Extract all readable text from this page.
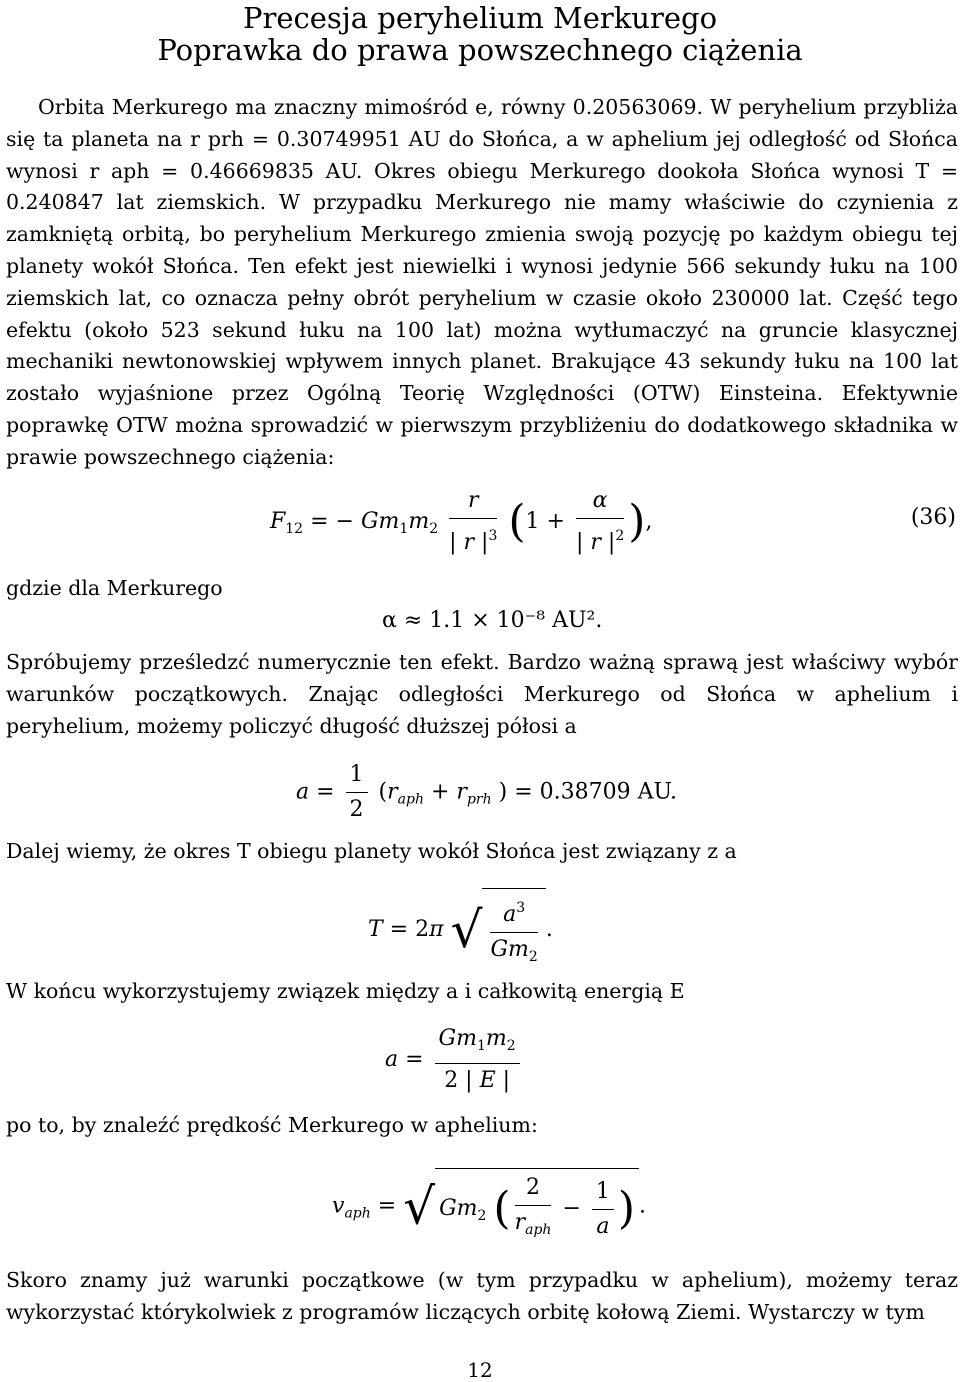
Precesja peryhelium Merkurego
Poprawka do prawa powszechnego ciążenia

Orbita Merkurego ma znaczny mimośród e, równy 0.20563069. W peryhelium przybliża się ta planeta na r prh = 0.30749951 AU do Słońca, a w aphelium jej odległość od Słońca wynosi r aph = 0.46669835 AU. Okres obiegu Merkurego dookoła Słońca wynosi T = 0.240847 lat ziemskich. W przypadku Merkurego nie mamy właściwie do czynienia z zamkniętą orbitą, bo peryhelium Merkurego zmienia swoją pozycję po każdym obiegu tej planety wokół Słońca. Ten efekt jest niewielki i wynosi jedynie 566 sekundy łuku na 100 ziemskich lat, co oznacza pełny obrót peryhelium w czasie około 230000 lat. Część tego efektu (około 523 sekund łuku na 100 lat) można wytłumaczyć na gruncie klasycznej mechaniki newtonowskiej wpływem innych planet. Brakujące 43 sekundy łuku na 100 lat zostało wyjaśnione przez Ogólną Teorię Względności (OTW) Einsteina. Efektywnie poprawkę OTW można sprowadzić w pierwszym przybliżeniu do dodatkowego składnika w prawie powszechnego ciążenia:

$F_{12}$ = − $Gm_1m_2 \frac{r}{| r |^3} (1 + \frac{\alpha}{| r |^2}$ ),	(36)
gdzie dla Merkurego
α ≈ 1.1 × 10⁻⁸ AU².

Spróbujemy prześledzć numerycznie ten efekt. Bardzo ważną sprawą jest właściwy wybór warunków początkowych. Znając odległości Merkurego od Słońca w aphelium i peryhelium, możemy policzyć długość dłuższej półosi a

$a = \frac{1}{2} (r_{aph} + r_{prh}$ ) = 0.38709 AU.
Dalej wiemy, że okres T obiegu planety wokół Słońca jest związany z a
T = 2π √ $\frac{a^3}{Gm_2}$ .
W końcu wykorzystujemy związek między a i całkowitą energią E
$a = \frac{Gm_1m_2}{2 | E |}$
po to, by znaleźć prędkość Merkurego w aphelium:
$v_{aph}$ = √ $Gm_2$ ( $\frac{2}{r_{aph}} - \frac{1}{a}$ ) .

Skoro znamy już warunki początkowe (w tym przypadku w aphelium), możemy teraz wykorzystać którykolwiek z programów liczących orbitę kołową Ziemi. Wystarczy w tym

12
